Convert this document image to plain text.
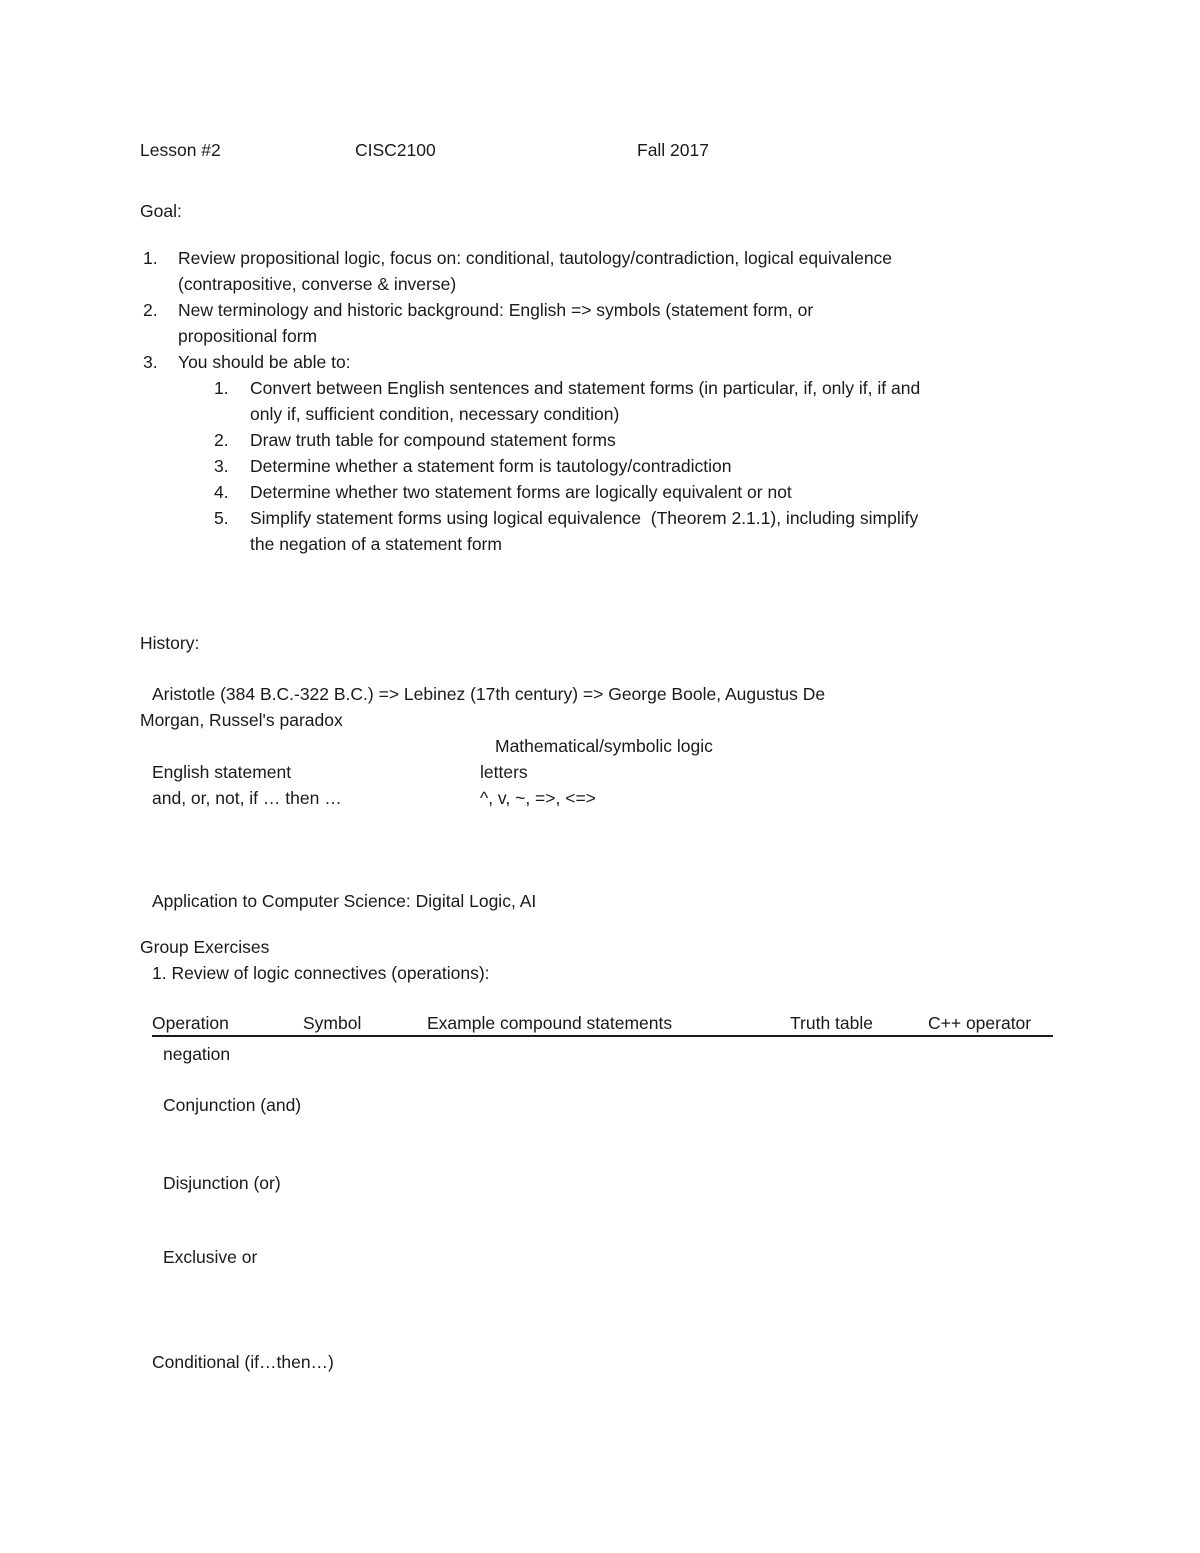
Lesson #2	CISC2100	Fall 2017
Goal:
1.	Review propositional logic, focus on: conditional, tautology/contradiction, logical equivalence
(contrapositive, converse & inverse)
2.	New terminology and historic background: English => symbols (statement form, or
propositional form
3.	You should be able to:
1.	Convert between English sentences and statement forms (in particular, if, only if, if and
only if, sufficient condition, necessary condition)
2.	Draw truth table for compound statement forms
3.	Determine whether a statement form is tautology/contradiction
4.	Determine whether two statement forms are logically equivalent or not
5.	Simplify statement forms using logical equivalence  (Theorem 2.1.1), including simplify
the negation of a statement form
History:
Aristotle (384 B.C.-322 B.C.) => Lebinez (17th century) => George Boole, Augustus De
Morgan, Russel's paradox
Mathematical/symbolic logic
English statement	letters
and, or, not, if … then …	^, v, ~, =>, <=>
Application to Computer Science: Digital Logic, AI
Group Exercises
1. Review of logic connectives (operations):
Operation	Symbol	Example compound statements	Truth table	C++ operator
negation
Conjunction (and)
Disjunction (or)
Exclusive or
Conditional (if…then…)
